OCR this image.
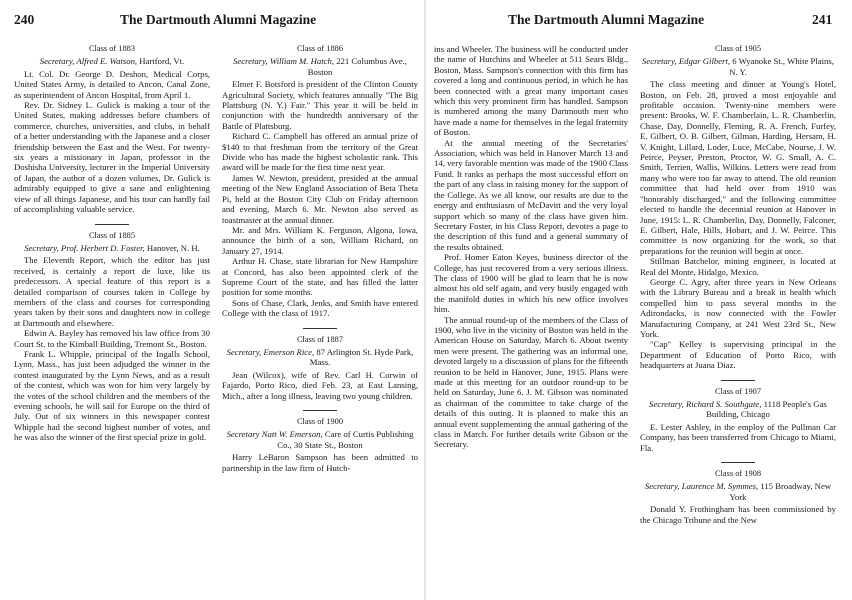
240	The Dartmouth Alumni Magazine
Class of 1883
Secretary, Alfred E. Watson, Hartford, Vt.

Lt. Col. Dr. George D. Deshon, Medical Corps, United States Army, is detailed to Ancon, Canal Zone, as superintendent of Ancon Hospital, from April 1.

Rev. Dr. Sidney L. Gulick is making a tour of the United States, making addresses before chambers of commerce, churches, universities, and clubs, in behalf of a better understanding with the Japanese and a closer friendship between the East and the West. For twenty-six years a missionary in Japan, professor in the Doshisha University, lecturer in the Imperial University of Japan, the author of a dozen volumes, Dr. Gulick is admirably equipped to give a sane and enlightening view of all things Japanese, and his tour can hardly fail of accomplishing valuable service.

Class of 1885
Secretary, Prof. Herbert D. Foster, Hanover, N. H.

The Eleventh Report, which the editor has just received, is certainly a report de luxe, like its predecessors. A special feature of this report is a detailed comparison of courses taken in College by members of the class and courses for corresponding years taken by their sons and daughters now in college at Dartmouth and elsewhere.

Edwin A. Bayley has removed his law office from 30 Court St. to the Kimball Building, Tremont St., Boston.

Frank L. Whipple, principal of the Ingalls School, Lynn, Mass., has just been adjudged the winner in the contest inaugurated by the Lynn News, and as a result of the contest, which was won for him very largely by the votes of the school children and the members of the evening schools, he will sail for Europe on the third of July. Out of six winners in this newspaper contest Whipple had the second highest number of votes, and he was also the winner of the first special prize in gold.

Class of 1886
Secretary, William M. Hatch, 221 Columbus Ave., Boston

Elmer F. Botsford is president of the Clinton County Agricultural Society, which features annually "The Big Plattsburg (N. Y.) Fair." This year it will be held in conjunction with the hundredth anniversary of the Battle of Plattsburg.

Richard C. Campbell has offered an annual prize of $140 to that freshman from the territory of the Great Divide who has made the highest scholastic rank. This award will be made for the first time next year.

James W. Newton, president, presided at the annual meeting of the New England Association of Beta Theta Pi, held at the Boston City Club on Friday afternoon and evening, March 6. Mr. Newton also served as toastmaster at the annual dinner.

Mr. and Mrs. William K. Ferguson, Algona, Iowa, announce the birth of a son, William Richard, on January 27, 1914.

Arthur H. Chase, state librarian for New Hampshire at Concord, has also been appointed clerk of the Supreme Court of the state, and has filled the latter position for some months.

Sons of Chase, Clark, Jenks, and Smith have entered College with the class of 1917.

Class of 1887
Secretary, Emerson Rice, 87 Arlington St. Hyde Park, Mass.

Jean (Wilcox), wife of Rev. Carl H. Corwin of Fajardo, Porto Rico, died Feb. 23, at East Lansing, Mich., after a long illness, leaving two young children.

Class of 1900
Secretary Natt W. Emerson, Care of Curtis Publishing Co., 30 State St., Boston

Harry LeBaron Sampson has been admitted to partnership in the law firm of Hutch-

The Dartmouth Alumni Magazine	241

ins and Wheeler. The business will be conducted under the name of Hutchins and Wheeler at 511 Sears Bldg., Boston, Mass. Sampson's connection with this firm has covered a long and continuous period, in which he has been connected with a great many important cases which this very prominent firm has handled. Sampson is numbered among the many Dartmouth men who have made a name for themselves in the legal fraternity of Boston.

At the annual meeting of the Secretaries' Association, which was held in Hanover March 13 and 14, very favorable mention was made of the 1900 Class Fund. It ranks as perhaps the most successful effort on the part of any class in raising money for the support of the College. As we all know, our results are due to the energy and enthusiasm of McDavitt and the very loyal support which so many of the class have given him. Secretary Foster, in his Class Report, devotes a page to the description of this fund and a general summary of the results obtained.

Prof. Homer Eaton Keyes, business director of the College, has just recovered from a very serious illness. The class of 1900 will be glad to learn that he is now almost his old self again, and very busily engaged with the manifold duties in which his new office involves him.

The annual round-up of the members of the Class of 1900, who live in the vicinity of Boston was held in the American House on Saturday, March 6. About twenty men were present. The gathering was an informal one, devoted largely to a discussion of plans for the fifteenth reunion to be held in Hanover, June, 1915. Plans were made at this meeting for an outdoor round-up to be held on Saturday, June 6. J. M. Gibson was nominated as chairman of the committee to take charge of the details of this outing. It is planned to make this an annual event supplementing the annual gathering of the class in March. For further details write Gibson or the Secretary.

Class of 1905
Secretary, Edgar Gilbert, 6 Wyanoke St., White Plains, N. Y.

The class meeting and dinner at Young's Hotel, Boston, on Feb. 28, proved a most enjoyable and profitable occasion. Twenty-nine members were present: Brooks, W. F. Chamberlain, L. R. Chamberlin, Chase, Day, Donnelly, Fleming, R. A. French, Furfey, E. Gilbert, O. B. Gilbert, Gilman, Harding, Hersam, H. V. Knight, Lillard, Loder, Luce, McCabe, Nourse, J. W. Peirce, Peyser, Preston, Proctor, W. G. Small, A. C. Smith, Terrien, Wallis, Wilkins. Letters were read from many who were too far away to attend. The old reunion committee that had held over from 1910 was "honorably discharged," and the following committee elected to handle the decennial reunion at Hanover in June, 1915: L. R. Chamberlin, Day, Donnelly, Falconer, E. Gilbert, Hale, Hills, Hobart, and J. W. Peirce. This committee is now organizing for the work, so that preparations for the reunion will begin at once.

Stillman Batchelor, mining engineer, is located at Real del Monte, Hidalgo, Mexico.

George C. Agry, after three years in New Orleans with the Library Bureau and a break in health which compelled him to pass several months in the Adirondacks, is now connected with the Fowler Manufacturing Company, at 241 West 23rd St., New York.

"Cap" Kelley is supervising principal in the Department of Education of Porto Rico, with headquarters at Juana Diaz.

Class of 1907
Secretary, Richard S. Southgate, 1118 People's Gas Building, Chicago

E. Lester Ashley, in the employ of the Pullman Car Company, has been transferred from Chicago to Miami, Fla.

Class of 1908
Secretary, Laurence M. Symmes, 115 Broadway, New York

Donald Y. Frothingham has been commissioned by the Chicago Tribune and the New
